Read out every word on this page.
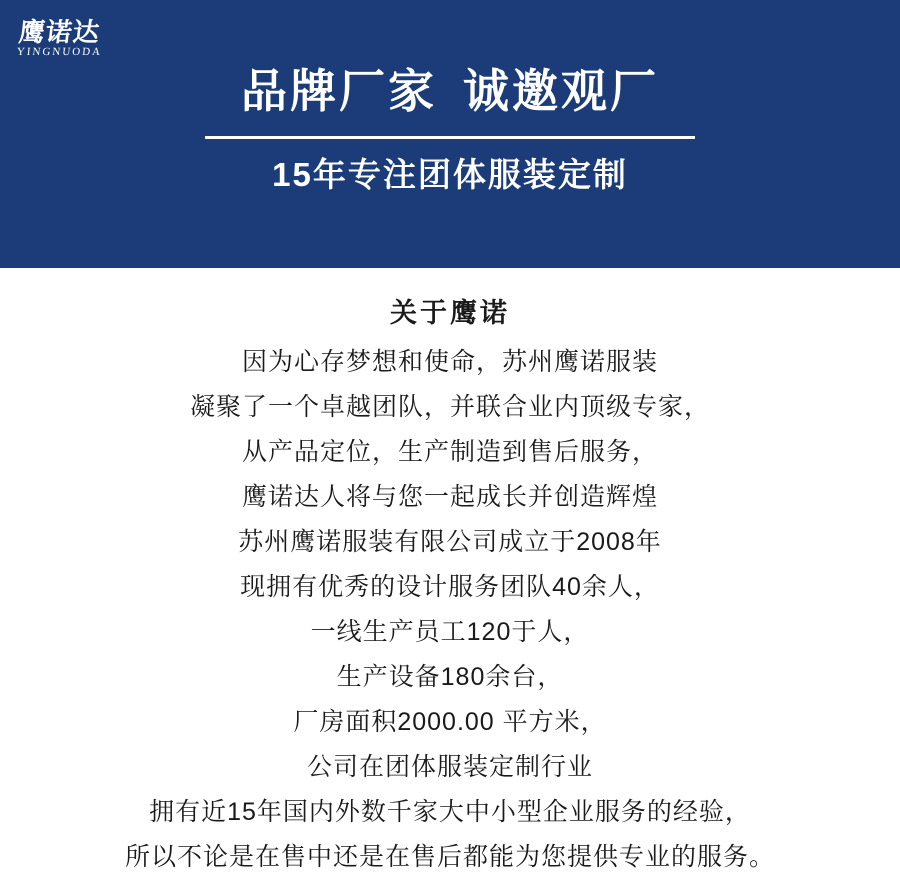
鹰诺达
YINGNUODA
品牌厂家 诚邀观厂
15年专注团体服装定制
关于鹰诺
因为心存梦想和使命，苏州鹰诺服装
凝聚了一个卓越团队，并联合业内顶级专家，
从产品定位，生产制造到售后服务，
鹰诺达人将与您一起成长并创造辉煌
苏州鹰诺服装有限公司成立于2008年
现拥有优秀的设计服务团队40余人，
一线生产员工120于人，
生产设备180余台，
厂房面积2000.00 平方米，
公司在团体服装定制行业
拥有近15年国内外数千家大中小型企业服务的经验，
所以不论是在售中还是在售后都能为您提供专业的服务。
